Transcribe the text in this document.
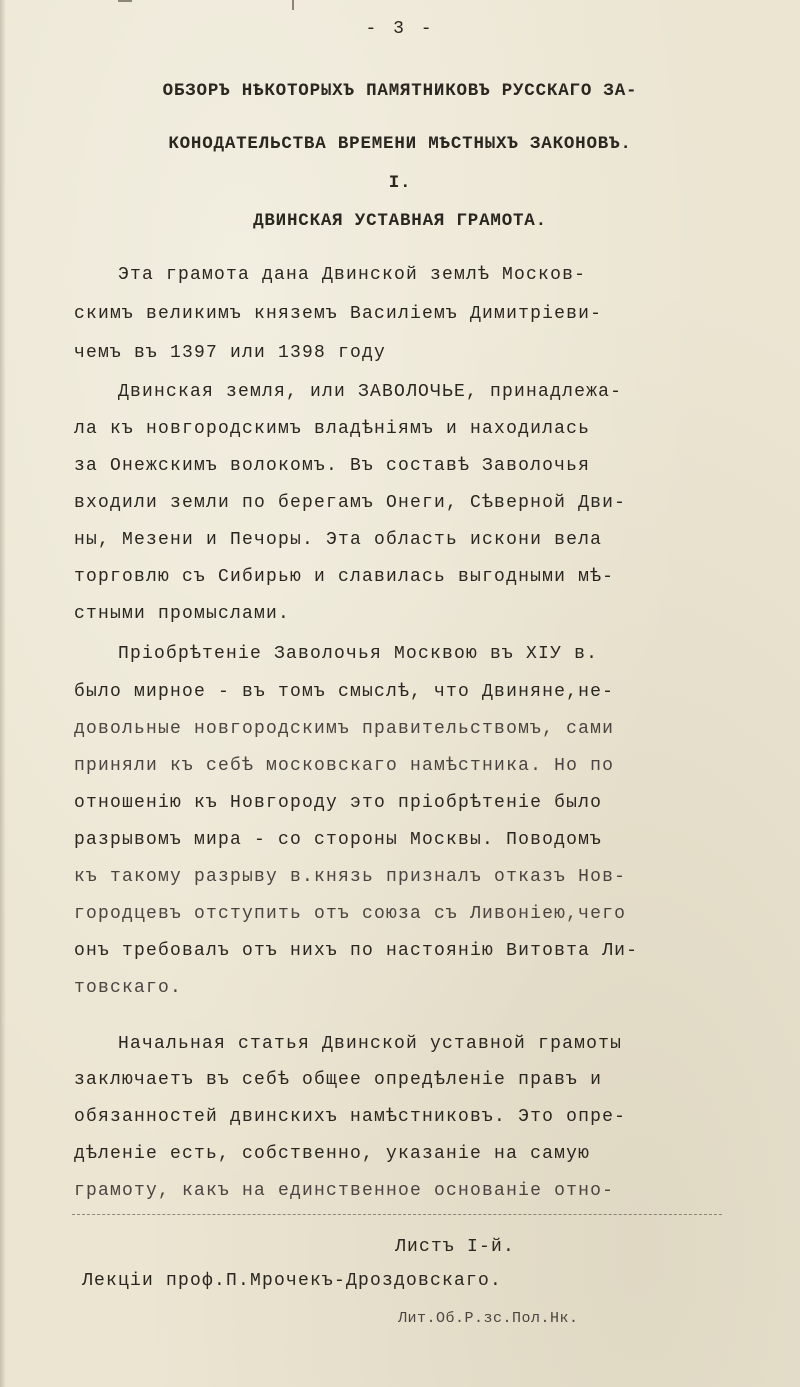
- 3 -
ОБЗОРЪ НѢКОТОРЫХЪ ПАМЯТНИКОВЪ РУССКАГО ЗА-
КОНОДАТЕЛЬСТВА ВРЕМЕНИ МѢСТНЫХЪ ЗАКОНОВЪ.
I.
ДВИНСКАЯ УСТАВНАЯ ГРАМОТА.
Эта грамота дана Двинской землѣ Москов-
скимъ великимъ княземъ Василіемъ Димитріеви-
чемъ въ 1397 или 1398 году
Двинская земля, или ЗАВОЛОЧЬЕ, принадлежа-
ла къ новгородскимъ владѣніямъ и находилась
за Онежскимъ волокомъ. Въ составѣ Заволочья
входили земли по берегамъ Онеги, Сѣверной Дви-
ны, Мезени и Печоры. Эта область искони вела
торговлю съ Сибирью и славилась выгодными мѣ-
стными промыслами.
Пріобрѣтеніе Заволочья Москвою въ XIУ в.
было мирное - въ томъ смыслѣ, что Двиняне,не-
довольные новгородскимъ правительствомъ, сами
приняли къ себѣ московскаго намѣстника. Но по
отношенію къ Новгороду это пріобрѣтеніе было
разрывомъ мира - со стороны Москвы. Поводомъ
къ такому разрыву в.князь призналъ отказъ Нов-
городцевъ отступить отъ союза съ Ливоніею,чего
онъ требовалъ отъ нихъ по настоянію Витовта Ли-
товскаго.
Начальная статья Двинской уставной грамоты
заключаетъ въ себѣ общее опредѣленіе правъ и
обязанностей двинскихъ намѣстниковъ. Это опре-
дѣленіе есть, собственно, указаніе на самую
грамоту, какъ на единственное основаніе отно-
Листъ I-й.
Лекціи проф.П.Мрочекъ-Дроздовскаго.
Лит.Об.Р.зс.Пол.Нк.
